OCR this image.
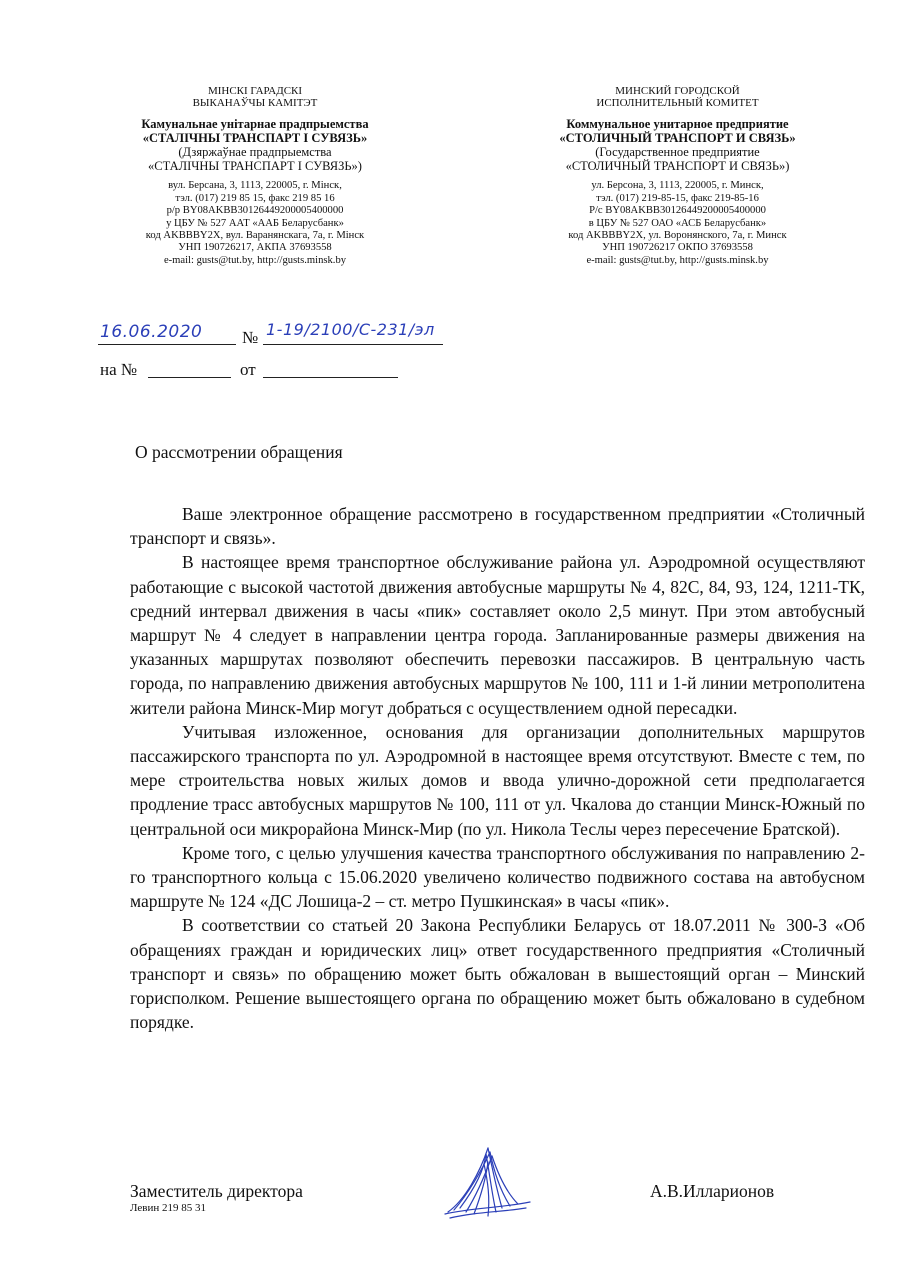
МІНСКІ ГАРАДСКІ
ВЫКАНАЎЧЫ КАМІТЭТ
Камунальнае унітарнае прадпрыемства
«СТАЛІЧНЫ ТРАНСПАРТ І СУВЯЗЬ»
(Дзяржаўнае прадпрыемства
«СТАЛІЧНЫ ТРАНСПАРТ І СУВЯЗЬ»)
вул. Берсана, 3, 1113, 220005, г. Мінск,
тэл. (017) 219 85 15, факс 219 85 16
р/р BY08AKBB30126449200005400000
у ЦБУ № 527 ААТ «ААБ Беларусбанк»
код AKBBBY2X, вул. Варанянскага, 7а, г. Мінск
УНП 190726217, АКПА 37693558
e-mail: gusts@tut.by, http://gusts.minsk.by
МИНСКИЙ ГОРОДСКОЙ
ИСПОЛНИТЕЛЬНЫЙ КОМИТЕТ
Коммунальное унитарное предприятие
«СТОЛИЧНЫЙ ТРАНСПОРТ И СВЯЗЬ»
(Государственное предприятие
«СТОЛИЧНЫЙ ТРАНСПОРТ И СВЯЗЬ»)
ул. Берсона, 3, 1113, 220005, г. Минск,
тэл. (017) 219-85-15, факс 219-85-16
Р/с BY08AKBB30126449200005400000
в ЦБУ № 527 ОАО «АСБ Беларусбанк»
код AKBBBY2X, ул. Воронянского, 7а, г. Минск
УНП 190726217 ОКПО 37693558
e-mail: gusts@tut.by, http://gusts.minsk.by
16.06.2020 № 1-19/2100/С-231/эл
на №	от
О рассмотрении обращения

Ваше электронное обращение рассмотрено в государственном предприятии «Столичный транспорт и связь».

В настоящее время транспортное обслуживание района ул. Аэродромной осуществляют работающие с высокой частотой движения автобусные маршруты № 4, 82С, 84, 93, 124, 1211-ТК, средний интервал движения в часы «пик» составляет около 2,5 минут. При этом автобусный маршрут № 4 следует в направлении центра города. Запланированные размеры движения на указанных маршрутах позволяют обеспечить перевозки пассажиров. В центральную часть города, по направлению движения автобусных маршрутов № 100, 111 и 1-й линии метрополитена жители района Минск-Мир могут добраться с осуществлением одной пересадки.

Учитывая изложенное, основания для организации дополнительных маршрутов пассажирского транспорта по ул. Аэродромной в настоящее время отсутствуют. Вместе с тем, по мере строительства новых жилых домов и ввода улично-дорожной сети предполагается продление трасс автобусных маршрутов № 100, 111 от ул. Чкалова до станции Минск-Южный по центральной оси микрорайона Минск-Мир (по ул. Никола Теслы через пересечение Братской).

Кроме того, с целью улучшения качества транспортного обслуживания по направлению 2-го транспортного кольца с 15.06.2020 увеличено количество подвижного состава на автобусном маршруте № 124 «ДС Лошица-2 – ст. метро Пушкинская» в часы «пик».

В соответствии со статьей 20 Закона Республики Беларусь от 18.07.2011 № 300-З «Об обращениях граждан и юридических лиц» ответ государственного предприятия «Столичный транспорт и связь» по обращению может быть обжалован в вышестоящий орган – Минский горисполком. Решение вышестоящего органа по обращению может быть обжаловано в судебном порядке.

Заместитель директора	А.В.Илларионов
Левин 219 85 31
